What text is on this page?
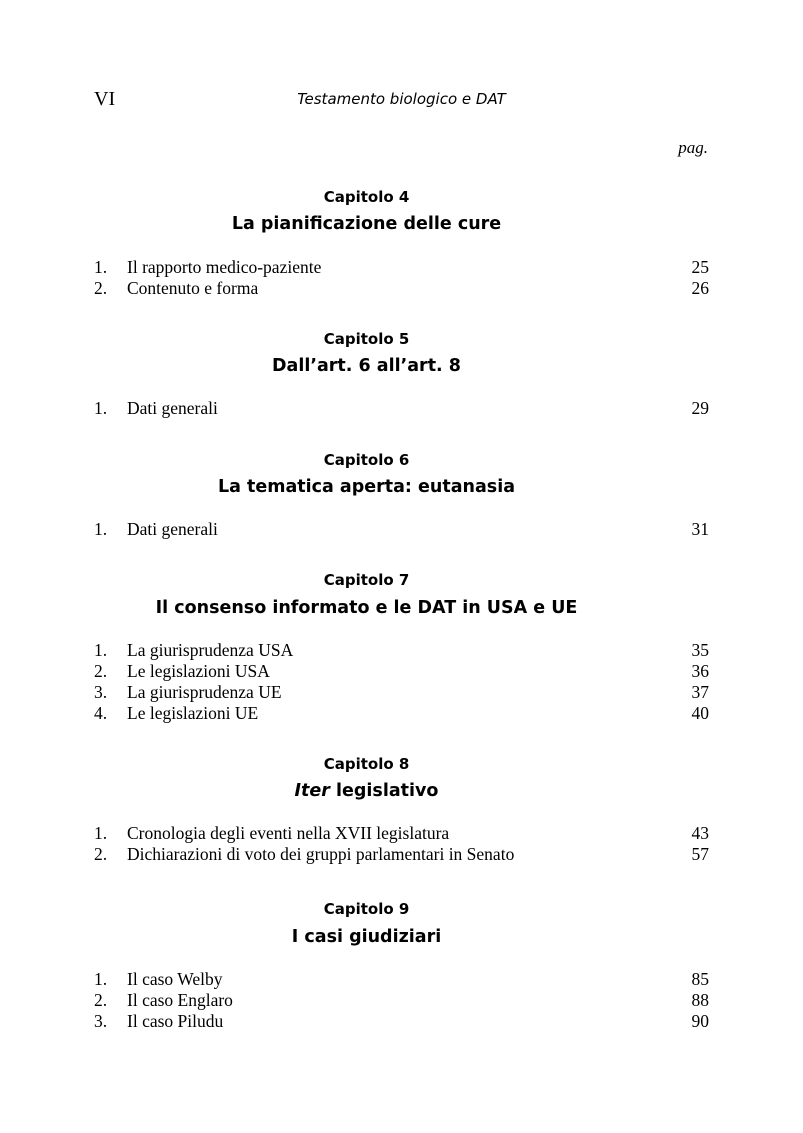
VI	Testamento biologico e DAT
pag.
Capitolo 4
La pianificazione delle cure
1.	Il rapporto medico-paziente	25
2.	Contenuto e forma	26
Capitolo 5
Dall’art. 6 all’art. 8
1.	Dati generali	29
Capitolo 6
La tematica aperta: eutanasia
1.	Dati generali	31
Capitolo 7
Il consenso informato e le DAT in USA e UE
1.	La giurisprudenza USA	35
2.	Le legislazioni USA	36
3.	La giurisprudenza UE	37
4.	Le legislazioni UE	40
Capitolo 8
Iter legislativo
1.	Cronologia degli eventi nella XVII legislatura	43
2.	Dichiarazioni di voto dei gruppi parlamentari in Senato	57
Capitolo 9
I casi giudiziari
1.	Il caso Welby	85
2.	Il caso Englaro	88
3.	Il caso Piludu	90
